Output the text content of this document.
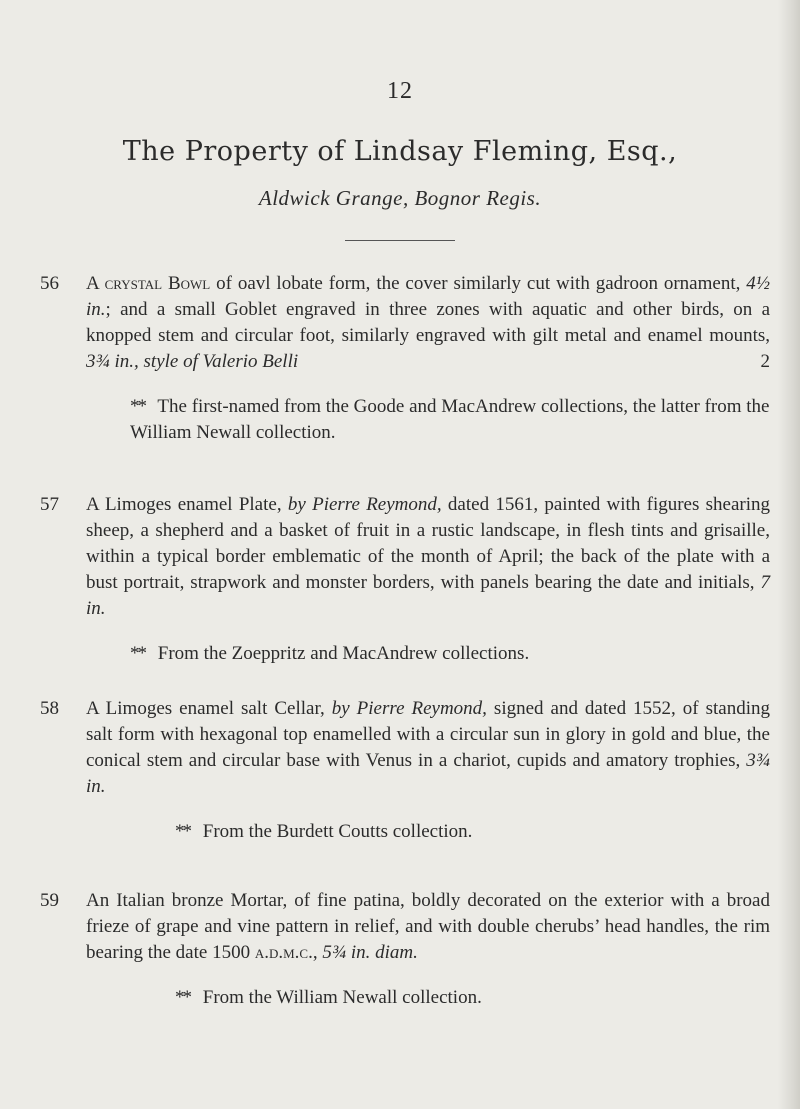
12
The Property of Lindsay Fleming, Esq.,
Aldwick Grange, Bognor Regis.
56	A crystal Bowl of oavl lobate form, the cover similarly cut with gadroon ornament, 4½ in.; and a small Goblet engraved in three zones with aquatic and other birds, on a knopped stem and circular foot, similarly engraved with gilt metal and enamel mounts, 3¾ in., style of Valerio Belli	2
** The first-named from the Goode and MacAndrew collections, the latter from the William Newall collection.
57	A Limoges enamel Plate, by Pierre Reymond, dated 1561, painted with figures shearing sheep, a shepherd and a basket of fruit in a rustic landscape, in flesh tints and grisaille, within a typical border emblematic of the month of April; the back of the plate with a bust portrait, strapwork and monster borders, with panels bearing the date and initials, 7 in.
** From the Zoeppritz and MacAndrew collections.
58	A Limoges enamel salt Cellar, by Pierre Reymond, signed and dated 1552, of standing salt form with hexagonal top enamelled with a circular sun in glory in gold and blue, the conical stem and circular base with Venus in a chariot, cupids and amatory trophies, 3¾ in.
** From the Burdett Coutts collection.
59	An Italian bronze Mortar, of fine patina, boldly decorated on the exterior with a broad frieze of grape and vine pattern in relief, and with double cherubs’ head handles, the rim bearing the date 1500 a.d.m.c., 5¾ in. diam.
** From the William Newall collection.
